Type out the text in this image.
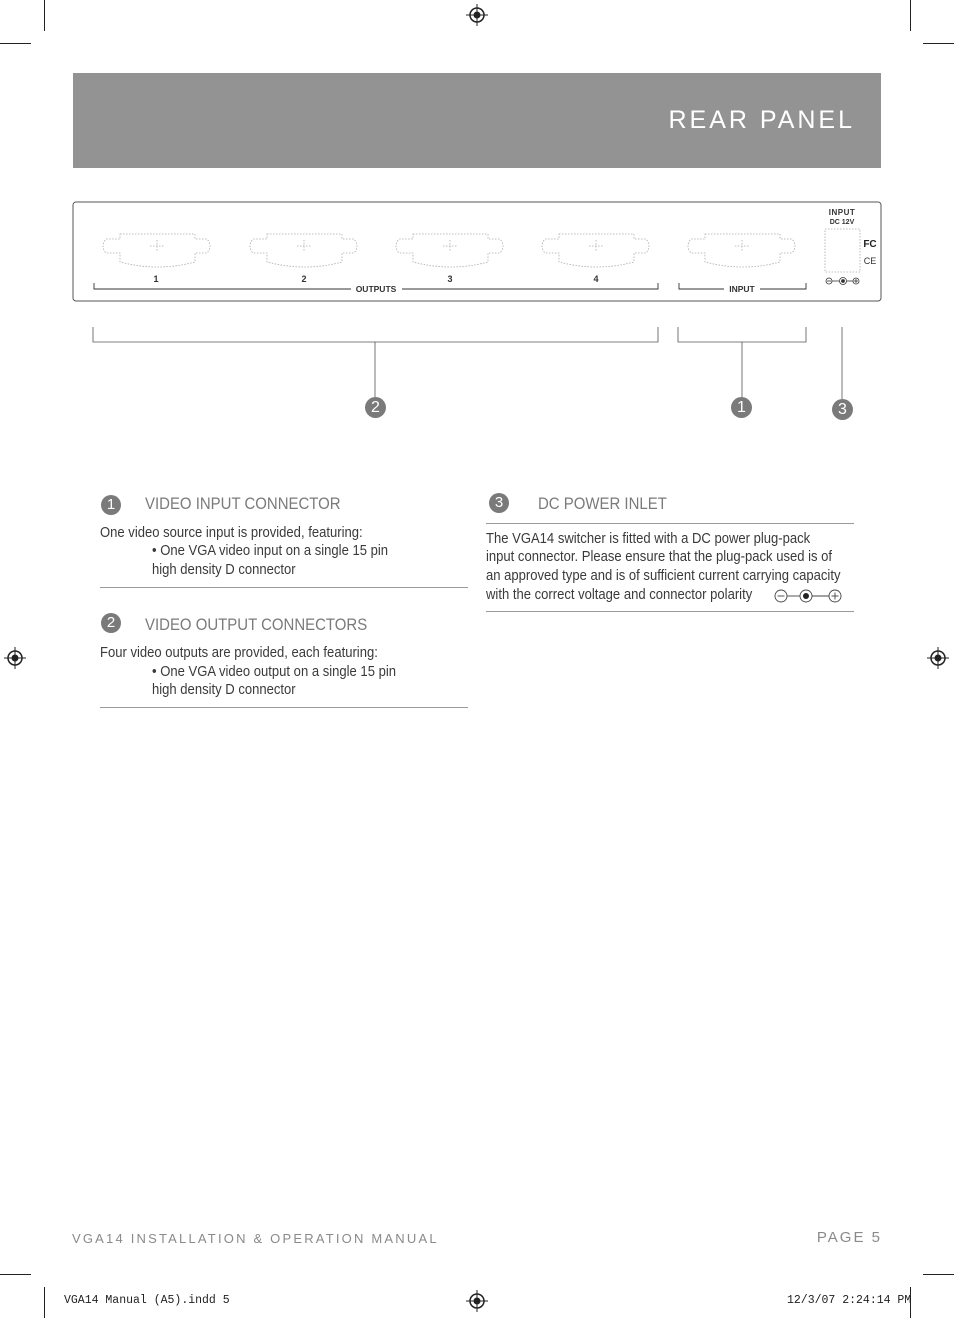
REAR PANEL
1	2	3	4
OUTPUTS	INPUT
INPUT
DC 12V
FC
CE
2	1	3
1	VIDEO INPUT CONNECTOR
One video source input is provided, featuring:
• One VGA video input on a single 15 pin
high density D connector
2	VIDEO OUTPUT CONNECTORS
Four video outputs are provided, each featuring:
• One VGA video output on a single 15 pin
high density D connector
3	DC POWER INLET
The VGA14 switcher is fitted with a DC power plug-pack
input connector. Please ensure that the plug-pack used is of
an approved type and is of sufficient current carrying capacity
with the correct voltage and connector polarity
VGA14 INSTALLATION & OPERATION MANUAL	PAGE 5
VGA14 Manual (A5).indd 5	12/3/07 2:24:14 PM
